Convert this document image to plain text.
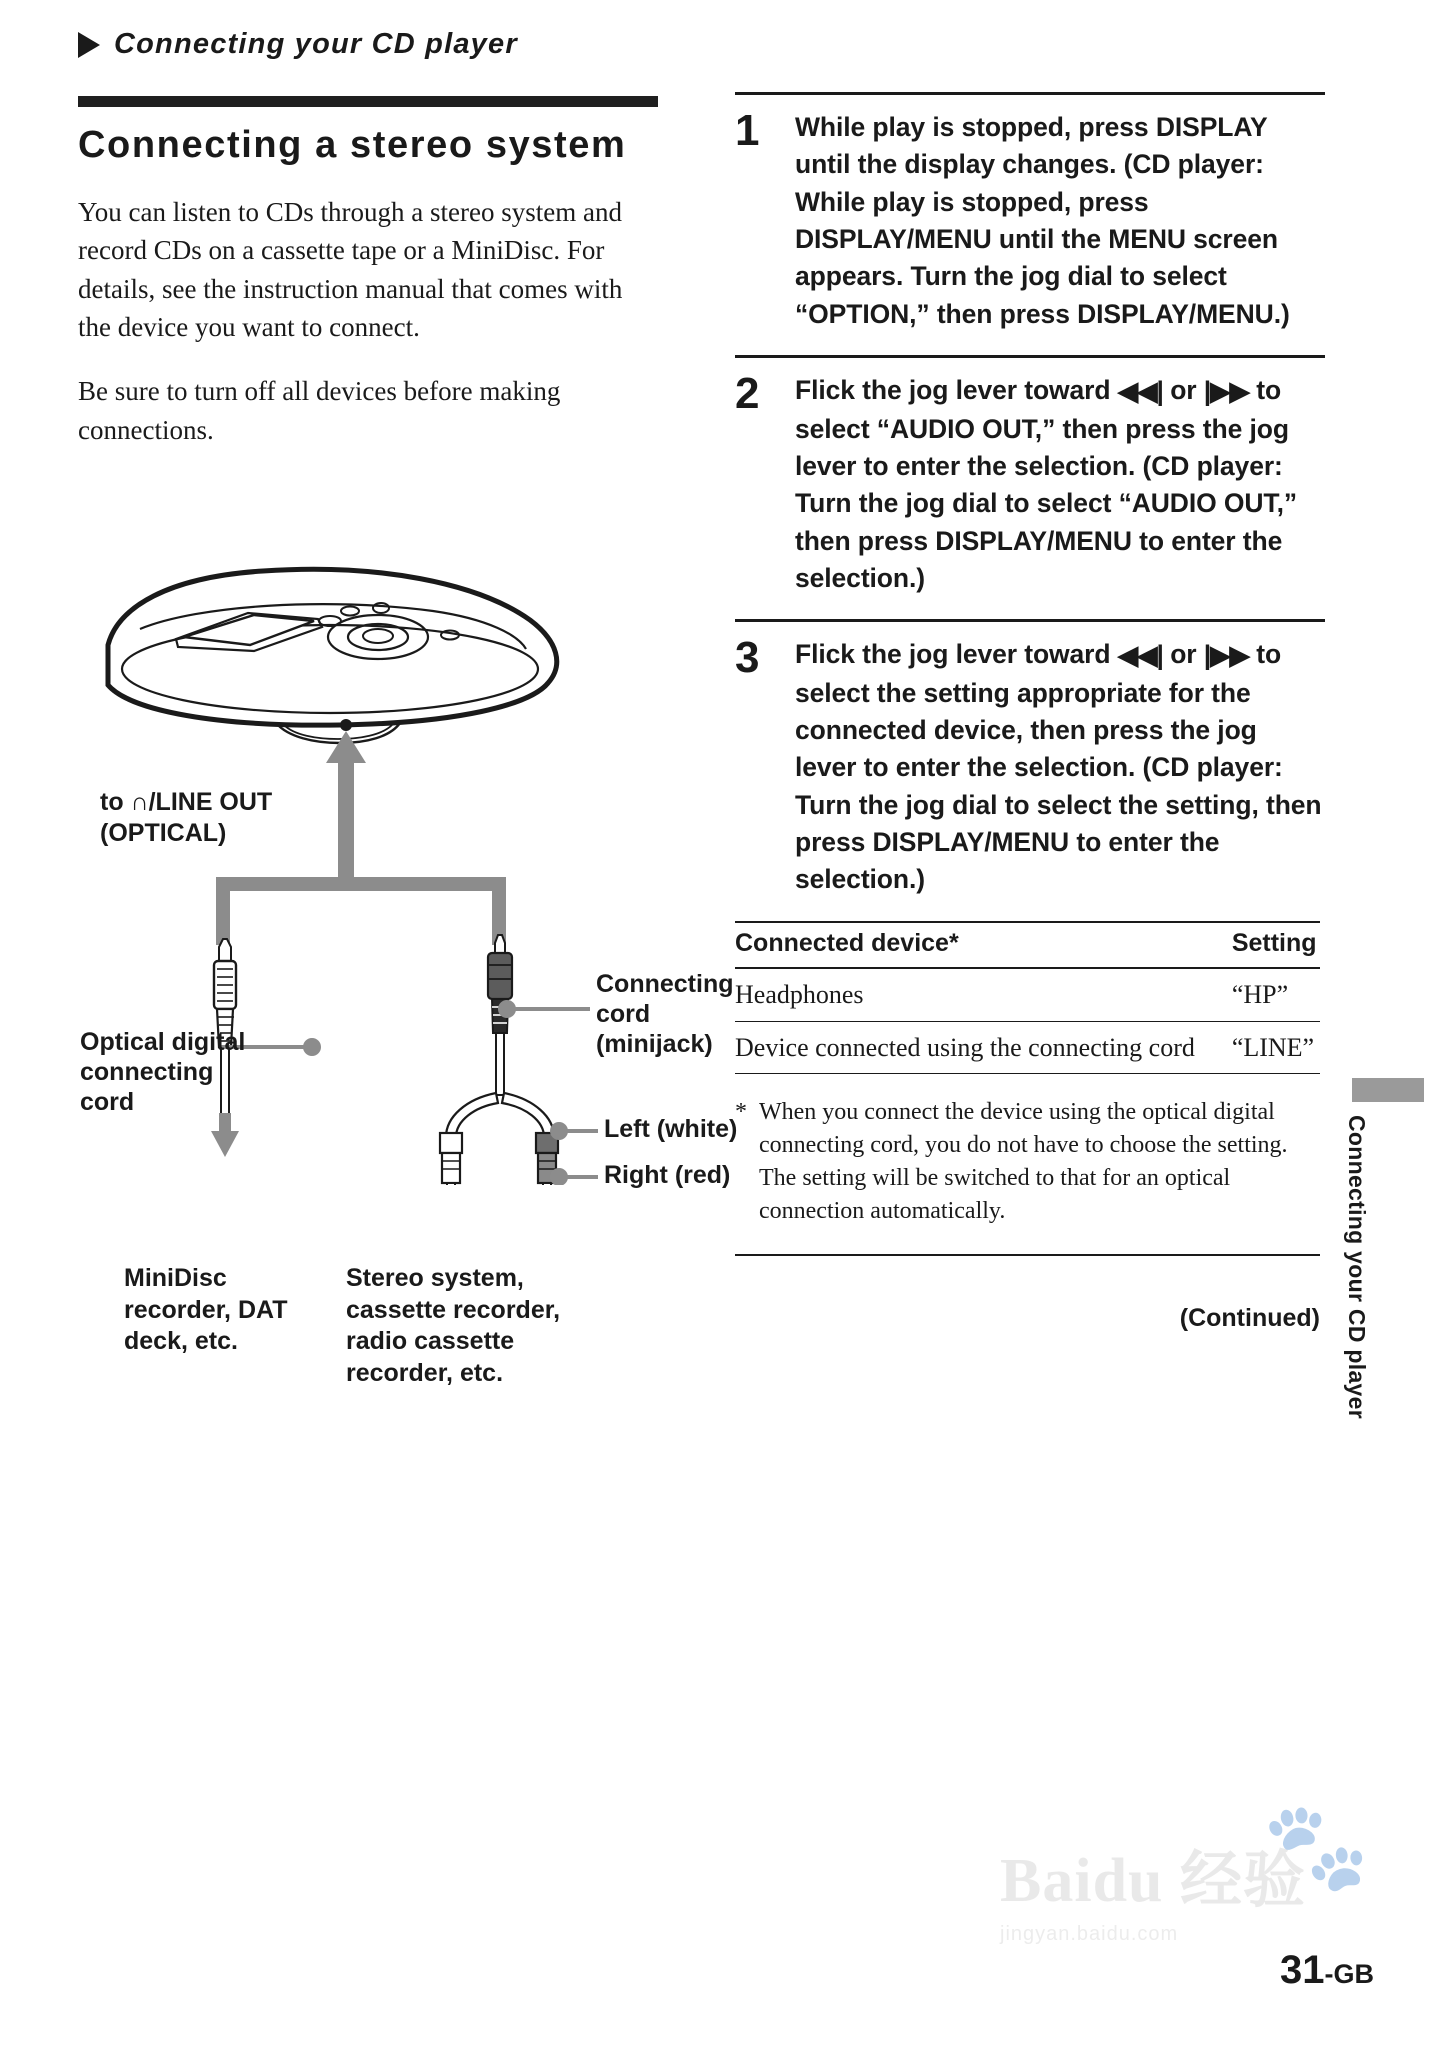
Connecting your CD player
Connecting a stereo system

You can listen to CDs through a stereo system and record CDs on a cassette tape or a MiniDisc. For details, see the instruction manual that comes with the device you want to connect.

Be sure to turn off all devices before making connections.

to ∩/LINE OUT
(OPTICAL)
Optical digital connecting cord
Connecting cord (minijack)
Left (white)
Right (red)
MiniDisc recorder, DAT deck, etc.
Stereo system, cassette recorder, radio cassette recorder, etc.
1	While play is stopped, press DISPLAY until the display changes. (CD player: While play is stopped, press DISPLAY/MENU until the MENU screen appears. Turn the jog dial to select “OPTION,” then press DISPLAY/MENU.)
2	Flick the jog lever toward ◀◀| or |▶▶ to select “AUDIO OUT,” then press the jog lever to enter the selection. (CD player: Turn the jog dial to select “AUDIO OUT,” then press DISPLAY/MENU to enter the selection.)
3	Flick the jog lever toward ◀◀| or |▶▶ to select the setting appropriate for the connected device, then press the jog lever to enter the selection. (CD player: Turn the jog dial to select the setting, then press DISPLAY/MENU to enter the selection.)
Connected device*	Setting
Headphones	“HP”
Device connected using the connecting cord	“LINE”
* When you connect the device using the optical digital connecting cord, you do not have to choose the setting. The setting will be switched to that for an optical connection automatically.
(Continued)	Connecting your CD player
🐾
Baidu 经验
jingyan.baidu.com
31-GB
